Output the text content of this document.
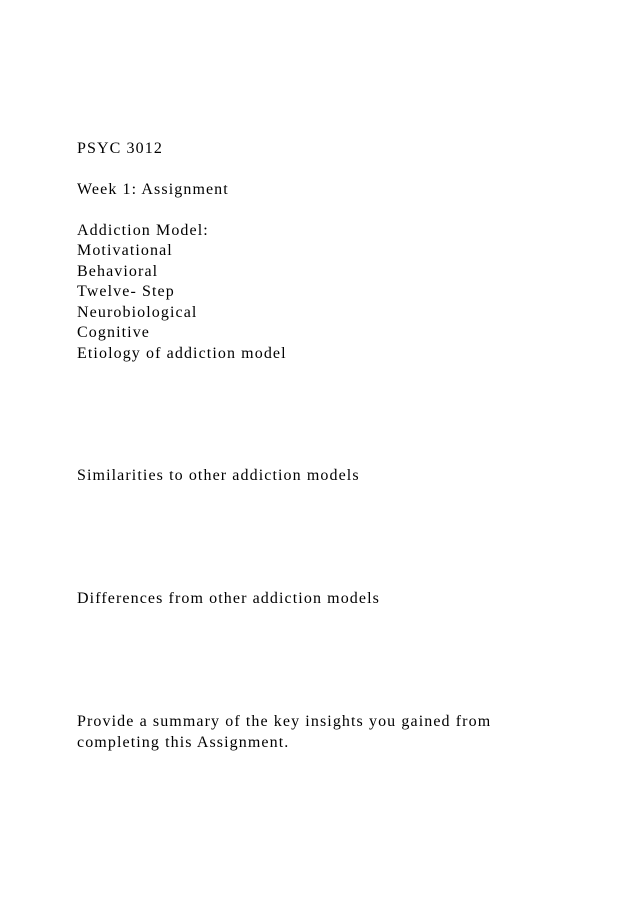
PSYC 3012
Week 1: Assignment
Addiction Model:
Motivational
Behavioral
Twelve- Step
Neurobiological
Cognitive
Etiology of addiction model
Similarities to other addiction models
Differences from other addiction models
Provide a summary of the key insights you gained from
completing this Assignment.
